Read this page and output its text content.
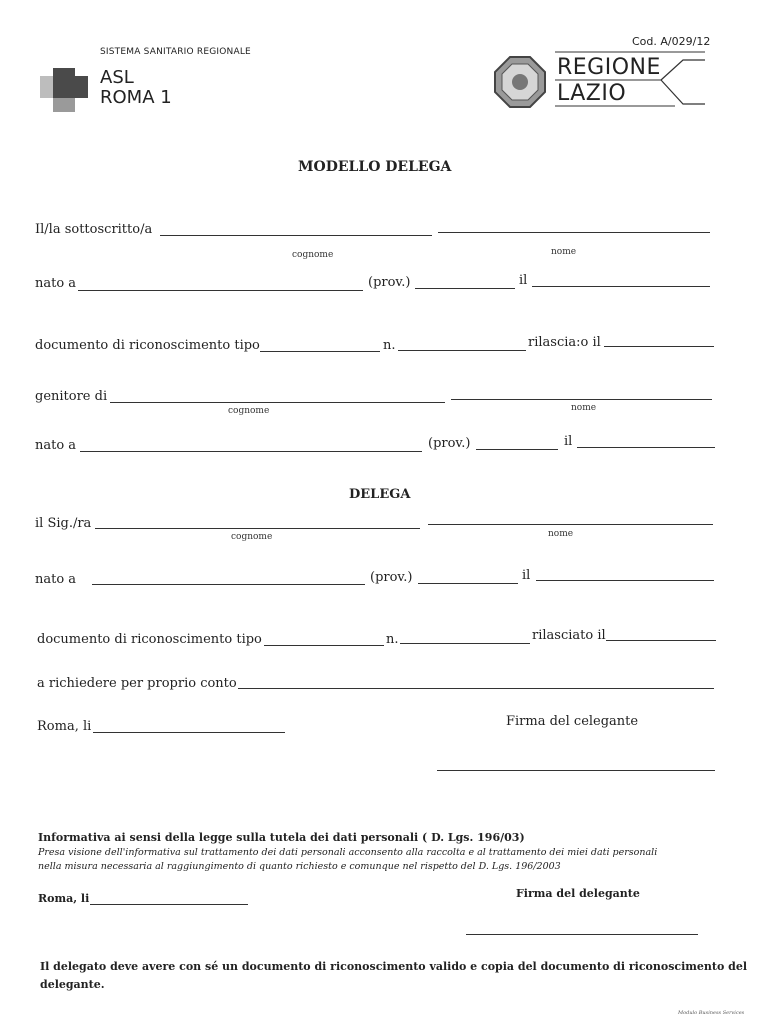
SISTEMA SANITARIO REGIONALE
ASL
ROMA 1
Cod. A/029/12
REGIONE
LAZIO
MODELLO DELEGA
Il/la sottoscritto/a
cognome	nome
nato a	(prov.)	il
documento di riconoscimento tipo	n.	rilascia:o il
genitore di
cognome	nome
nato a	(prov.)	il
DELEGA
il Sig./ra
cognome	nome
nato a	(prov.)	il
documento di riconoscimento tipo	n.	rilasciato il
a richiedere per proprio conto
Roma, li	Firma del celegante
Informativa ai sensi della legge sulla tutela dei dati personali ( D. Lgs. 196/03)
Presa visione dell'informativa sul trattamento dei dati personali acconsento alla raccolta e al trattamento dei miei dati personali
nella misura necessaria al raggiungimento di quanto richiesto e comunque nel rispetto del D. Lgs. 196/2003
Roma, li	Firma del delegante
Il delegato deve avere con sé un documento di riconoscimento valido e copia del documento di riconoscimento del
delegante.
Modulo Business Services
